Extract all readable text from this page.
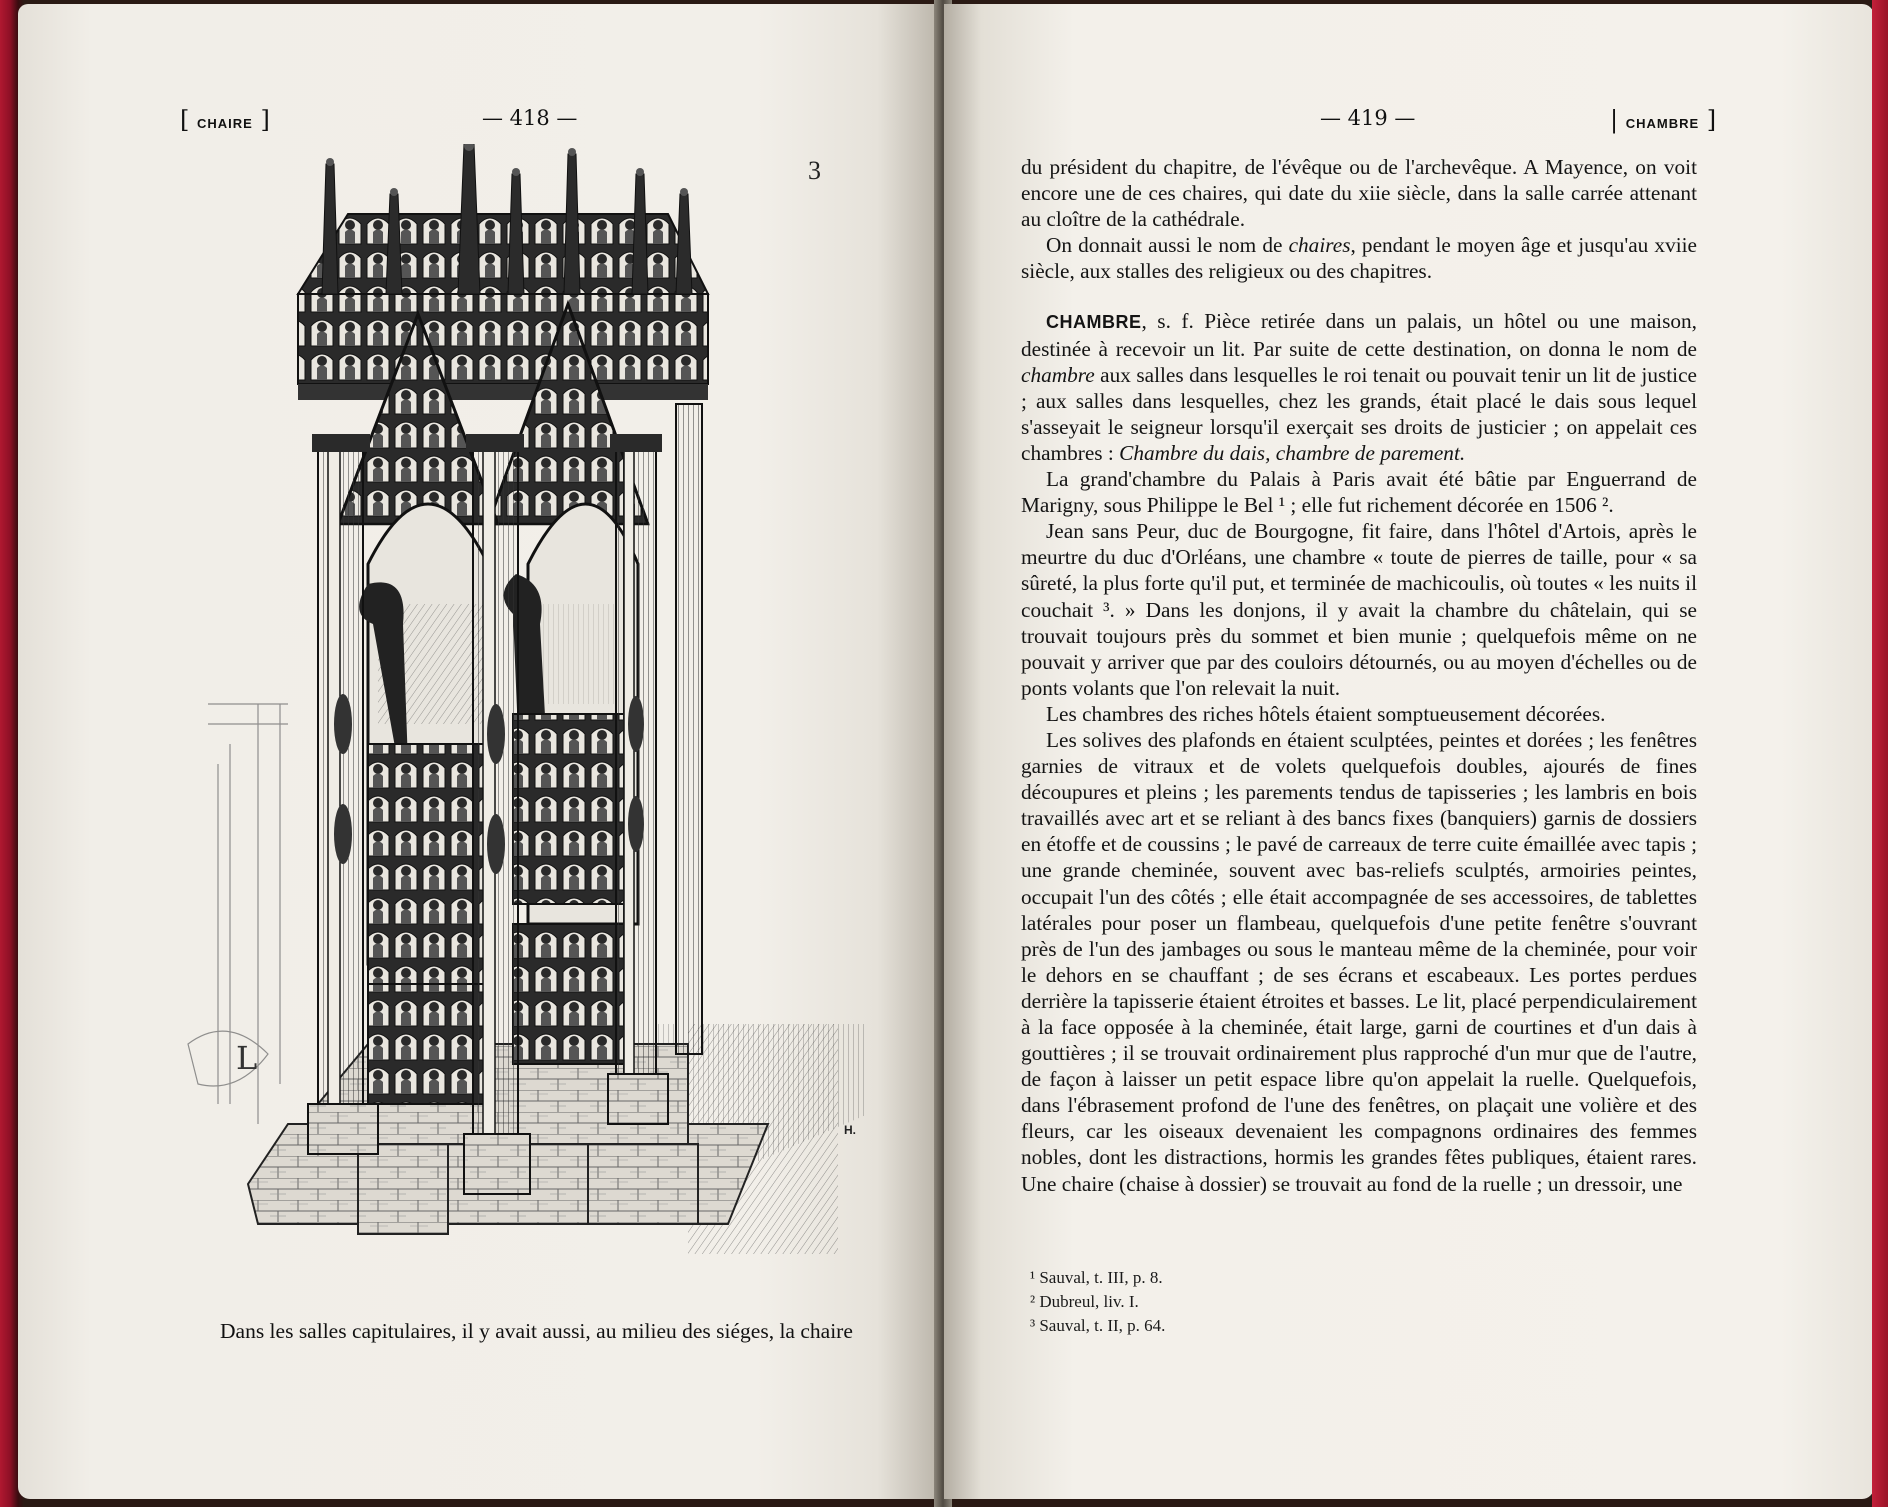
[ CHAIRE ]	— 418 —
L
3
H.
Dans les salles capitulaires, il y avait aussi, au milieu des siéges, la chaire
— 419 —	| CHAMBRE ]

du président du chapitre, de l'évêque ou de l'archevêque. A Mayence, on voit encore une de ces chaires, qui date du xiie siècle, dans la salle carrée attenant au cloître de la cathédrale.

On donnait aussi le nom de chaires, pendant le moyen âge et jusqu'au xviie siècle, aux stalles des religieux ou des chapitres.

CHAMBRE, s. f. Pièce retirée dans un palais, un hôtel ou une maison, destinée à recevoir un lit. Par suite de cette destination, on donna le nom de chambre aux salles dans lesquelles le roi tenait ou pouvait tenir un lit de justice ; aux salles dans lesquelles, chez les grands, était placé le dais sous lequel s'asseyait le seigneur lorsqu'il exerçait ses droits de justicier ; on appelait ces chambres : Chambre du dais, chambre de parement.

La grand'chambre du Palais à Paris avait été bâtie par Enguerrand de Marigny, sous Philippe le Bel ¹ ; elle fut richement décorée en 1506 ².

Jean sans Peur, duc de Bourgogne, fit faire, dans l'hôtel d'Artois, après le meurtre du duc d'Orléans, une chambre « toute de pierres de taille, pour « sa sûreté, la plus forte qu'il put, et terminée de machicoulis, où toutes « les nuits il couchait ³. » Dans les donjons, il y avait la chambre du châtelain, qui se trouvait toujours près du sommet et bien munie ; quelquefois même on ne pouvait y arriver que par des couloirs détournés, ou au moyen d'échelles ou de ponts volants que l'on relevait la nuit.

Les chambres des riches hôtels étaient somptueusement décorées.

Les solives des plafonds en étaient sculptées, peintes et dorées ; les fenêtres garnies de vitraux et de volets quelquefois doubles, ajourés de fines découpures et pleins ; les parements tendus de tapisseries ; les lambris en bois travaillés avec art et se reliant à des bancs fixes (banquiers) garnis de dossiers en étoffe et de coussins ; le pavé de carreaux de terre cuite émaillée avec tapis ; une grande cheminée, souvent avec bas-reliefs sculptés, armoiries peintes, occupait l'un des côtés ; elle était accompagnée de ses accessoires, de tablettes latérales pour poser un flambeau, quelquefois d'une petite fenêtre s'ouvrant près de l'un des jambages ou sous le manteau même de la cheminée, pour voir le dehors en se chauffant ; de ses écrans et escabeaux. Les portes perdues derrière la tapisserie étaient étroites et basses. Le lit, placé perpendiculairement à la face opposée à la cheminée, était large, garni de courtines et d'un dais à gouttières ; il se trouvait ordinairement plus rapproché d'un mur que de l'autre, de façon à laisser un petit espace libre qu'on appelait la ruelle. Quelquefois, dans l'ébrasement profond de l'une des fenêtres, on plaçait une volière et des fleurs, car les oiseaux devenaient les compagnons ordinaires des femmes nobles, dont les distractions, hormis les grandes fêtes publiques, étaient rares. Une chaire (chaise à dossier) se trouvait au fond de la ruelle ; un dressoir, une

¹ Sauval, t. III, p. 8.
² Dubreul, liv. I.
³ Sauval, t. II, p. 64.
